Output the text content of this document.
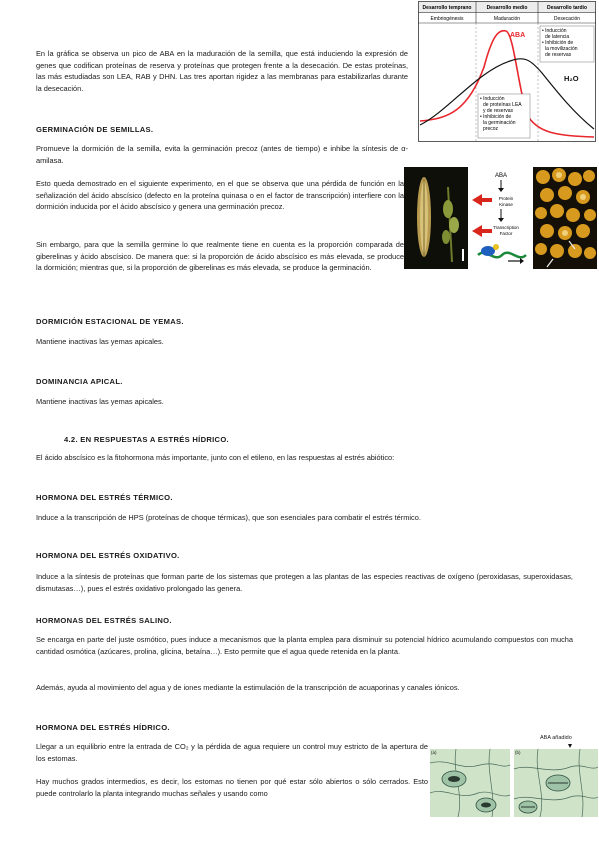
En la gráfica se observa un pico de ABA en la maduración de la semilla, que está induciendo la expresión de genes que codifican proteínas de reserva y proteínas que protegen frente a la desecación. De estas proteínas, las más estudiadas son LEA, RAB y DHN. Las tres aportan rigidez a las membranas para estabilizarlas durante la desecación.
Desarrollo temprano	Desarrollo medio	Desarrollo tardío
Embriogénesis	Maduración	Desecación
ABA
H₂O
• Inducción
de latencia
• Inhibición de
la movilización
de reservas
• Inducción
de proteínas LEA
y de reservas
• Inhibición de
la germinación
precoz
GERMINACIÓN DE SEMILLAS.
Promueve la dormición de la semilla, evita la germinación precoz (antes de tiempo) e inhibe la síntesis de α-amilasa.
Esto queda demostrado en el siguiente experimento, en el que se observa que una pérdida de función en la señalización del ácido abscísico (defecto en la proteína quinasa o en el factor de transcripción) interfiere con la dormición inducida por el ácido abscísico y genera una germinación precoz.
Sin embargo, para que la semilla germine lo que realmente tiene en cuenta es la proporción comparada de giberelinas y ácido abscísico. De manera que: si la proporción de ácido abscísico es más elevada, se produce la dormición; mientras que, si la proporción de giberelinas es más elevada, se produce la germinación.
ABA
Protein
Kinase
Transcription
Factor
DORMICIÓN ESTACIONAL DE YEMAS.
Mantiene inactivas las yemas apicales.
DOMINANCIA APICAL.
Mantiene inactivas las yemas apicales.
4.2. EN RESPUESTAS A ESTRÉS HÍDRICO.
El ácido abscísico es la fitohormona más importante, junto con el etileno, en las respuestas al estrés abiótico:
HORMONA DEL ESTRÉS TÉRMICO.
Induce a la transcripción de HPS (proteínas de choque térmicas), que son esenciales para combatir el estrés térmico.
HORMONA DEL ESTRÉS OXIDATIVO.
Induce a la síntesis de proteínas que forman parte de los sistemas que protegen a las plantas de las especies reactivas de oxígeno (peroxidasas, superoxidasas, dismutasas…), pues el estrés oxidativo prolongado las genera.
HORMONAS DEL ESTRÉS SALINO.
Se encarga en parte del juste osmótico, pues induce a mecanismos que la planta emplea para disminuir su potencial hídrico acumulando compuestos con mucha cantidad osmótica (azúcares, prolina, glicina, betaína…). Esto permite que el agua quede retenida en la planta.
Además, ayuda al movimiento del agua y de iones mediante la estimulación de la transcripción de acuaporinas y canales iónicos.
HORMONA DEL ESTRÉS HÍDRICO.
Llegar a un equilibrio entre la entrada de CO₂ y la pérdida de agua requiere un control muy estricto de la apertura de los estomas.
Hay muchos grados intermedios, es decir, los estomas no tienen por qué estar sólo abiertos o sólo cerrados. Esto puede controlarlo la planta integrando muchas señales y usando como
ABA añadido
(a)	(b)
